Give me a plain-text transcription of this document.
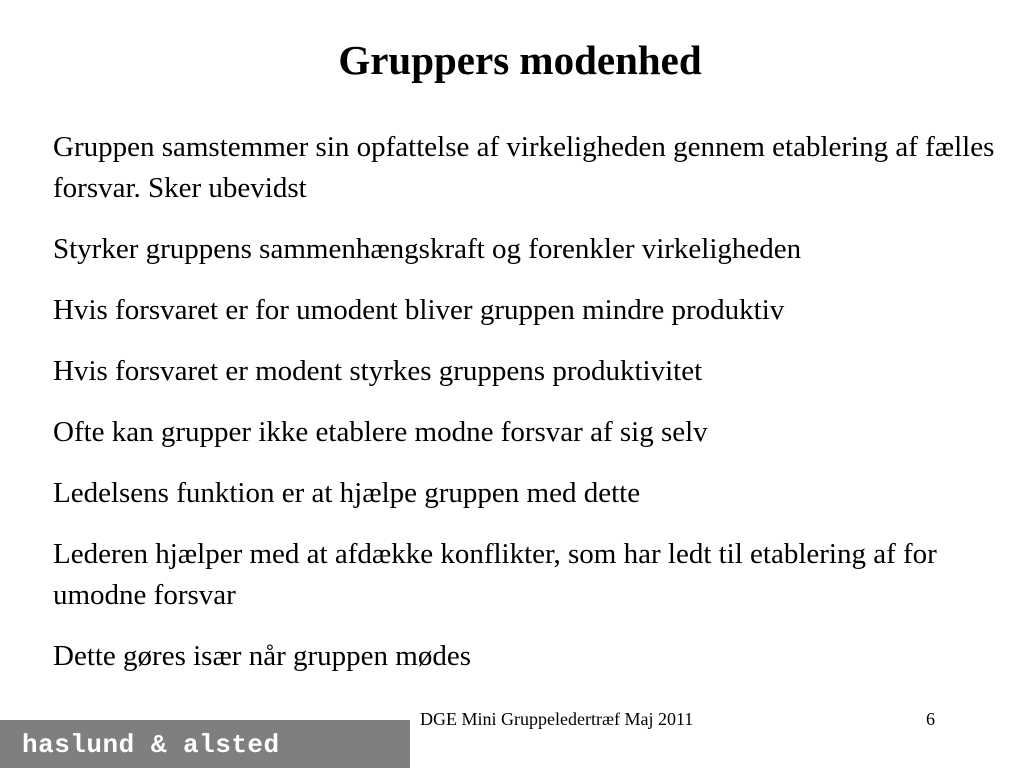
Gruppers modenhed
Gruppen samstemmer sin opfattelse af virkeligheden gennem etablering af fælles forsvar. Sker ubevidst
Styrker gruppens sammenhængskraft og forenkler virkeligheden
Hvis forsvaret er for umodent bliver gruppen mindre produktiv
Hvis forsvaret er modent styrkes gruppens produktivitet
Ofte kan grupper ikke etablere modne forsvar af sig selv
Ledelsens funktion er at hjælpe gruppen med dette
Lederen hjælper med at afdække konflikter, som har ledt til etablering af for umodne forsvar
Dette gøres især når gruppen mødes
DGE Mini Gruppeledertræf Maj 2011	6
haslund & alsted
